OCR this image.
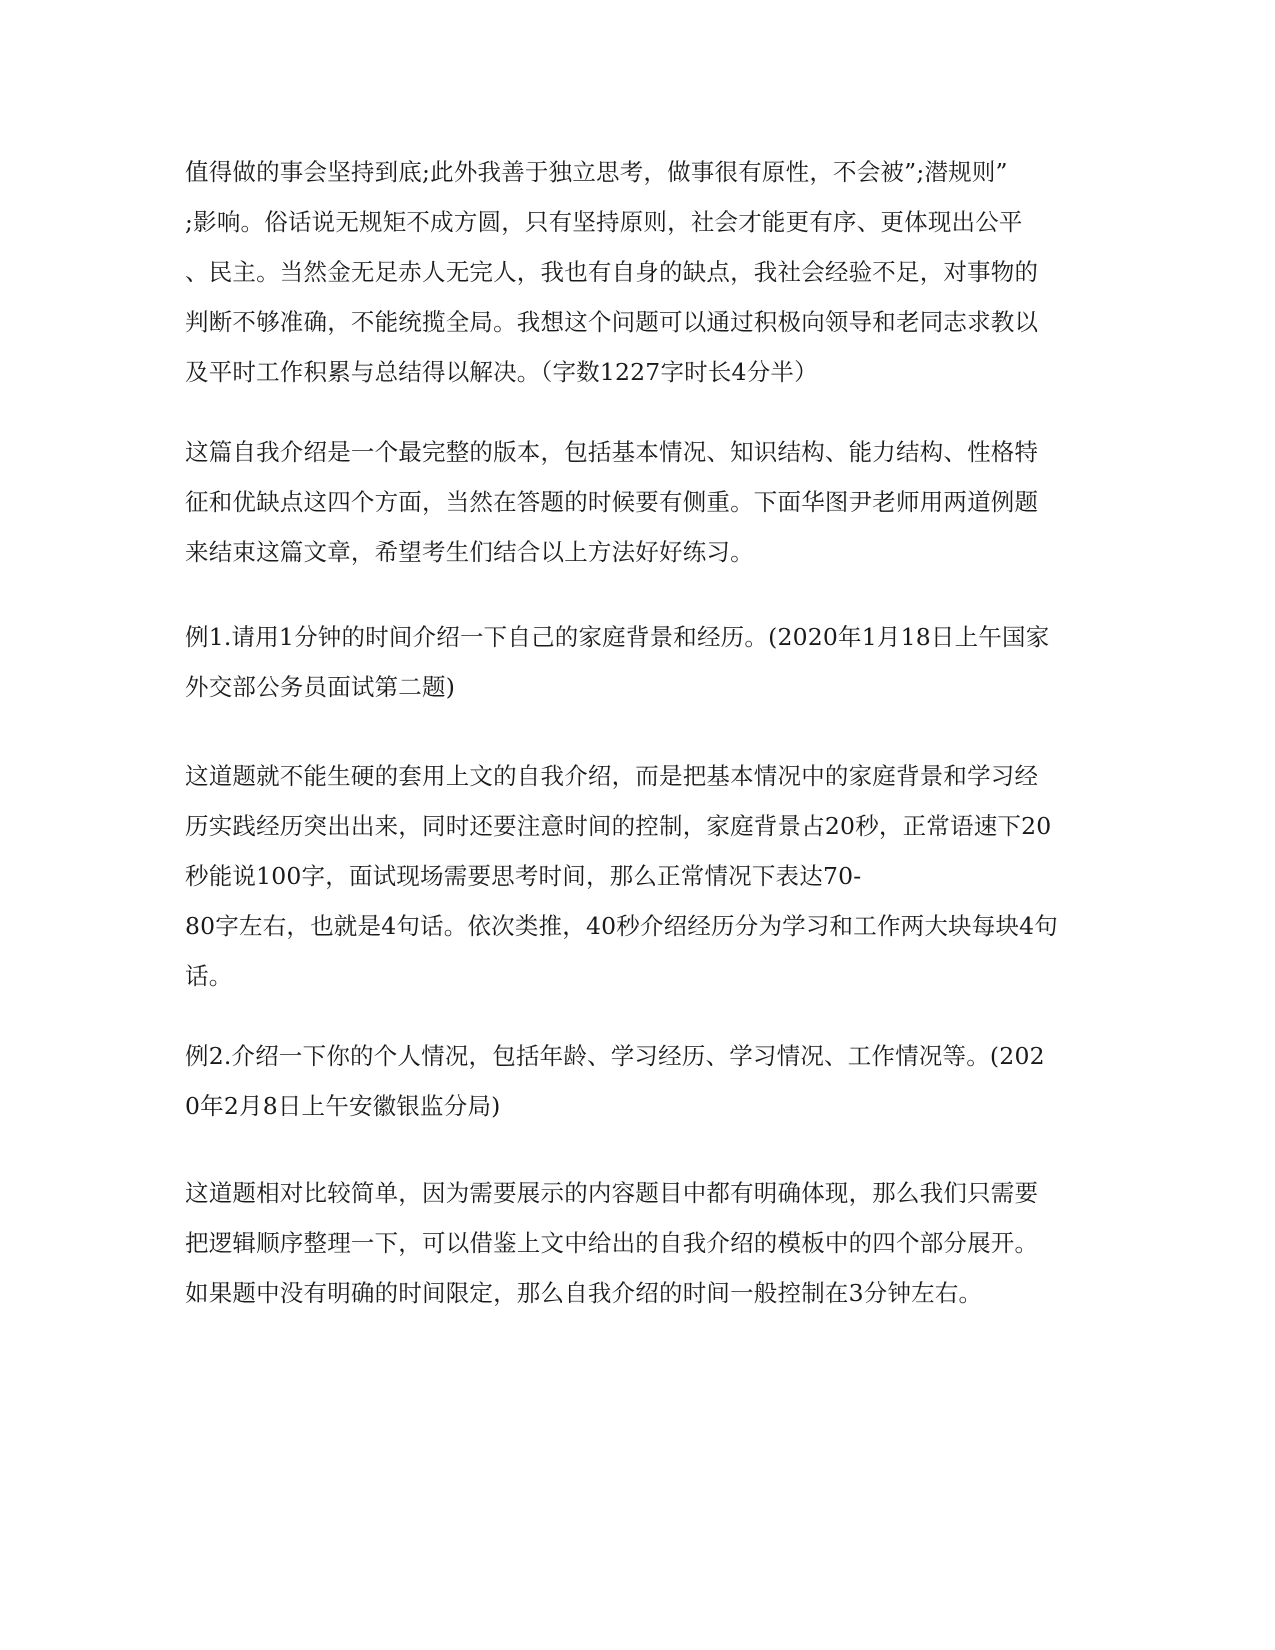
值得做的事会坚持到底;此外我善于独立思考，做事很有原性，不会被”;潜规则”
;影响。俗话说无规矩不成方圆，只有坚持原则，社会才能更有序、更体现出公平
、民主。当然金无足赤人无完人，我也有自身的缺点，我社会经验不足，对事物的
判断不够准确，不能统揽全局。我想这个问题可以通过积极向领导和老同志求教以
及平时工作积累与总结得以解决。（字数1227字时长4分半）
这篇自我介绍是一个最完整的版本，包括基本情况、知识结构、能力结构、性格特
征和优缺点这四个方面，当然在答题的时候要有侧重。下面华图尹老师用两道例题
来结束这篇文章，希望考生们结合以上方法好好练习。
例1.请用1分钟的时间介绍一下自己的家庭背景和经历。(2020年1月18日上午国家
外交部公务员面试第二题)
这道题就不能生硬的套用上文的自我介绍，而是把基本情况中的家庭背景和学习经
历实践经历突出出来，同时还要注意时间的控制，家庭背景占20秒，正常语速下20
秒能说100字，面试现场需要思考时间，那么正常情况下表达70-
80字左右，也就是4句话。依次类推，40秒介绍经历分为学习和工作两大块每块4句
话。
例2.介绍一下你的个人情况，包括年龄、学习经历、学习情况、工作情况等。(202
0年2月8日上午安徽银监分局)
这道题相对比较简单，因为需要展示的内容题目中都有明确体现，那么我们只需要
把逻辑顺序整理一下，可以借鉴上文中给出的自我介绍的模板中的四个部分展开。
如果题中没有明确的时间限定，那么自我介绍的时间一般控制在3分钟左右。
